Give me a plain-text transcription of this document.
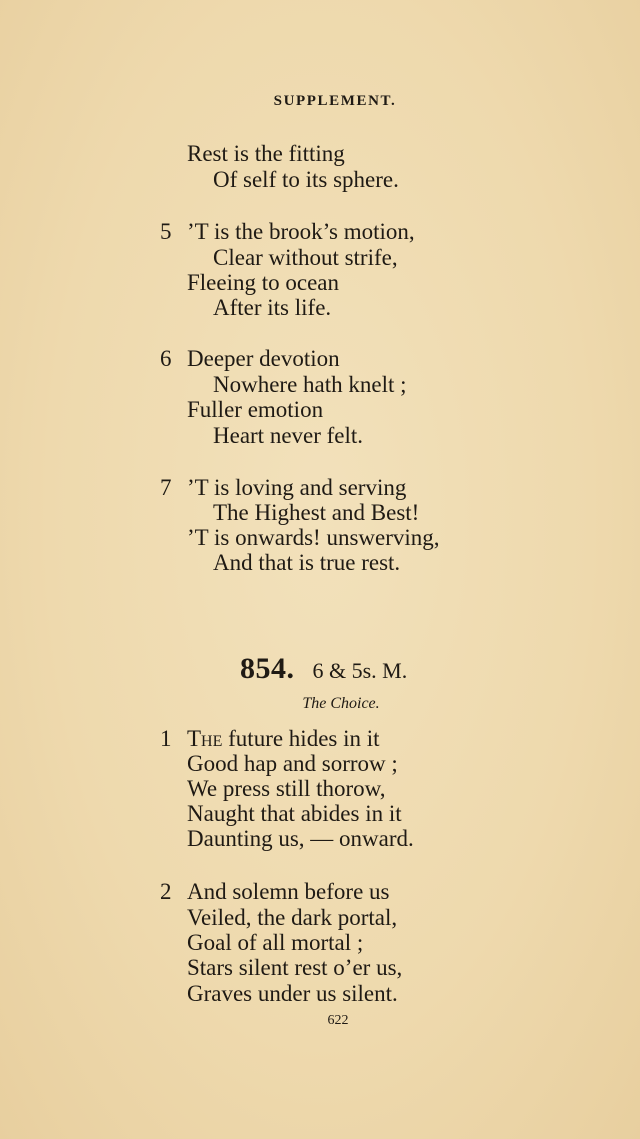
SUPPLEMENT.
Rest is the fitting
Of self to its sphere.
5 ’T is the brook’s motion,
Clear without strife,
Fleeing to ocean
After its life.
6 Deeper devotion
Nowhere hath knelt ;
Fuller emotion
Heart never felt.
7 ’T is loving and serving
The Highest and Best!
’T is onwards! unswerving,
And that is true rest.
854. 6 & 5s. M.
The Choice.
1 The future hides in it
Good hap and sorrow ;
We press still thorow,
Naught that abides in it
Daunting us, — onward.
2 And solemn before us
Veiled, the dark portal,
Goal of all mortal ;
Stars silent rest o’er us,
Graves under us silent.
622
